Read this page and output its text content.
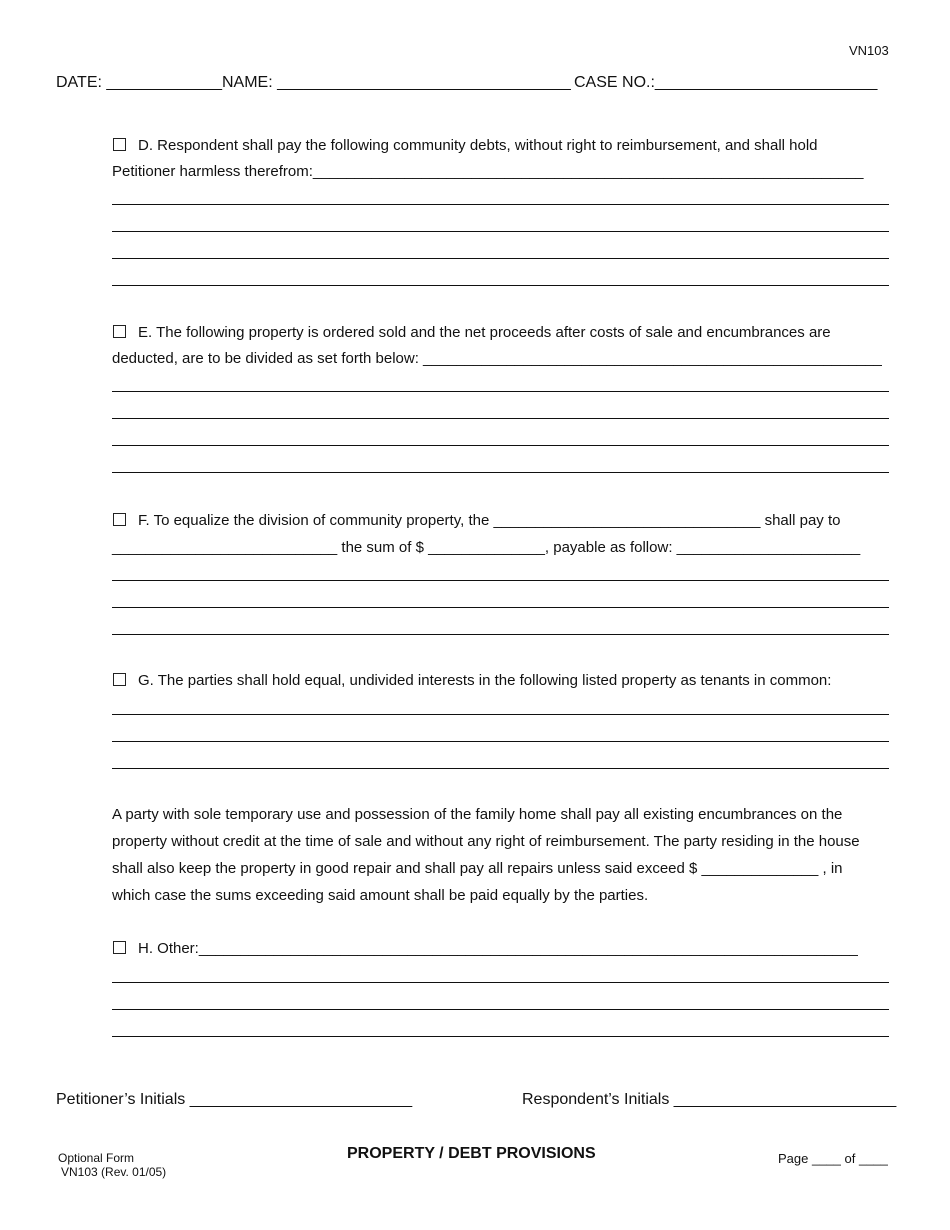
VN103
DATE: _____________ NAME: _________________________________ CASE NO.:_________________________
D. Respondent shall pay the following community debts, without right to reimbursement, and shall hold
Petitioner harmless therefrom:__________________________________________________________________
E. The following property is ordered sold and the net proceeds after costs of sale and encumbrances are
deducted, are to be divided as set forth below: _______________________________________________________
F. To equalize the division of community property, the ________________________________ shall pay to
___________________________ the sum of $ ______________, payable as follow: ______________________
G. The parties shall hold equal, undivided interests in the following listed property as tenants in common:
A party with sole temporary use and possession of the family home shall pay all existing encumbrances on the
property without credit at the time of sale and without any right of reimbursement. The party residing in the house
shall also keep the property in good repair and shall pay all repairs unless said exceed $ ______________ , in
which case the sums exceeding said amount shall be paid equally by the parties.
H. Other:_______________________________________________________________________________
Petitioner’s Initials _________________________	Respondent’s Initials _________________________
Optional Form
VN103 (Rev. 01/05)
PROPERTY / DEBT PROVISIONS	Page ____ of ____
